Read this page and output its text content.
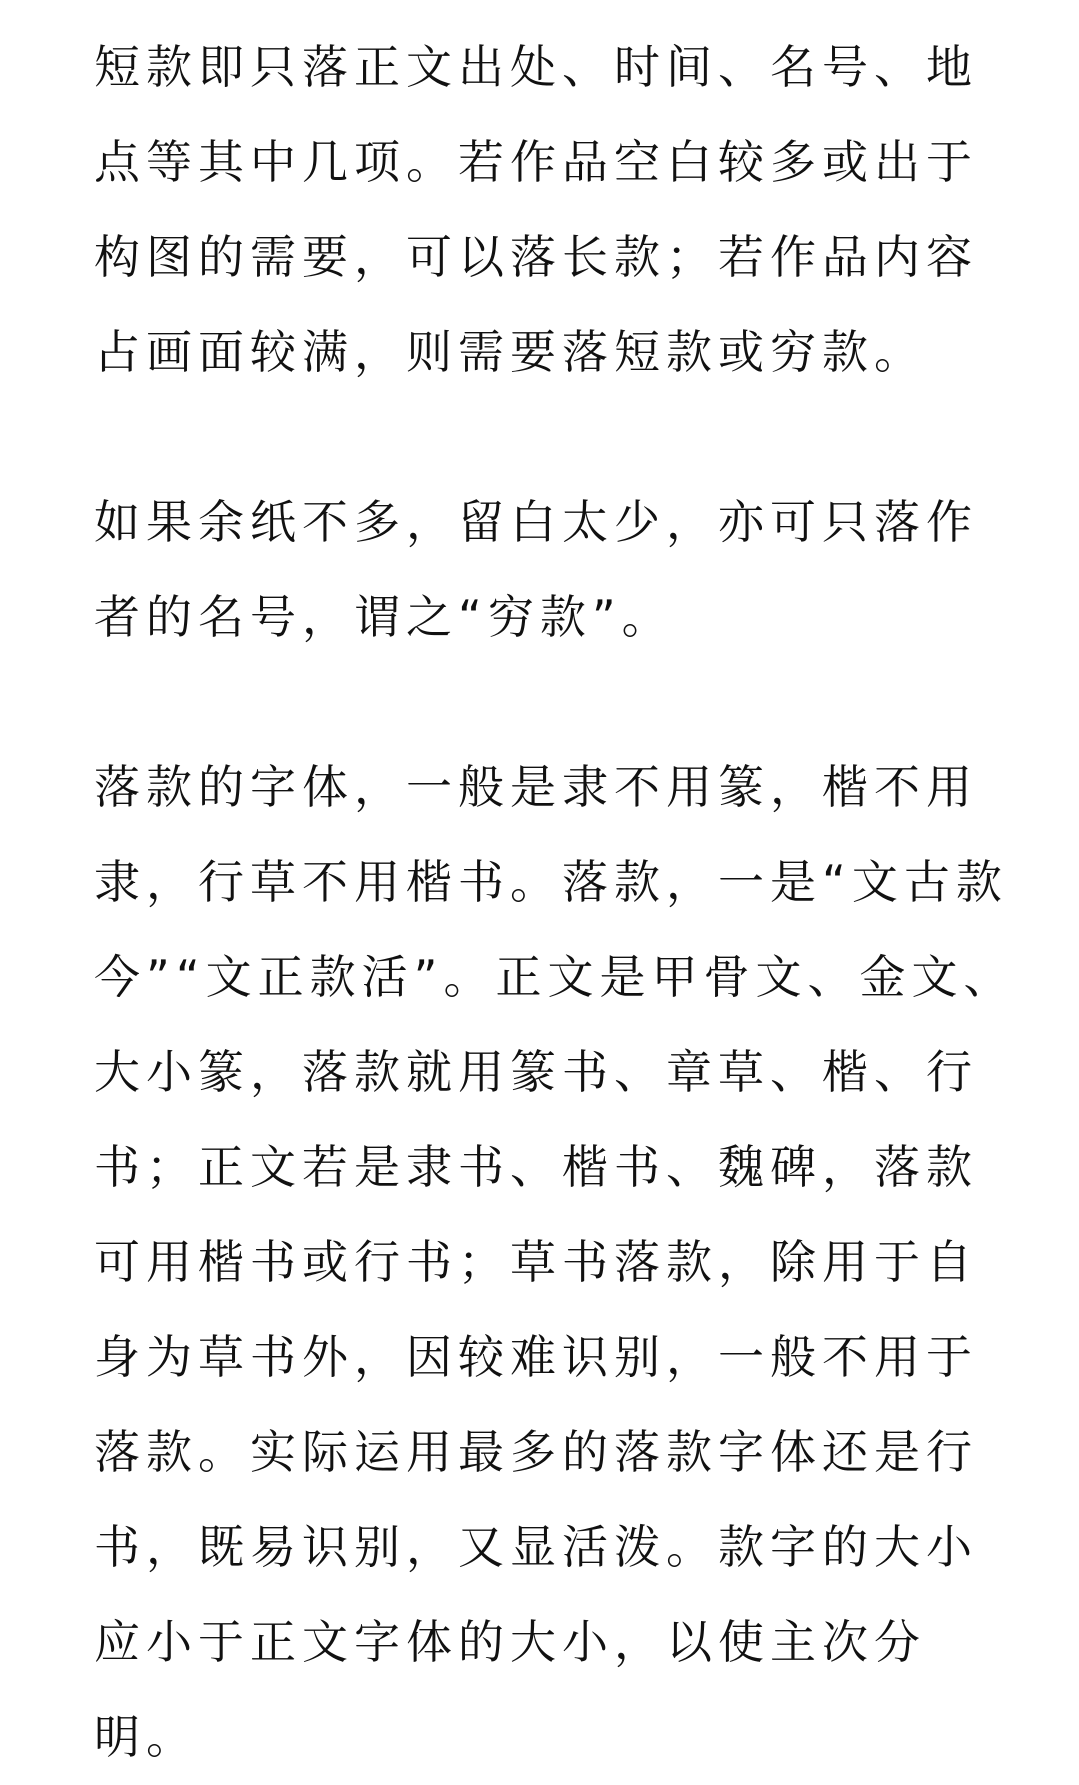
短款即只落正文出处、时间、名号、地
点等其中几项。若作品空白较多或出于
构图的需要，可以落长款；若作品内容
占画面较满，则需要落短款或穷款。
如果余纸不多，留白太少，亦可只落作
者的名号，谓之“穷款”。
落款的字体，一般是隶不用篆，楷不用
隶，行草不用楷书。落款，一是“文古款
今”“文正款活”。正文是甲骨文、金文、
大小篆，落款就用篆书、章草、楷、行
书；正文若是隶书、楷书、魏碑，落款
可用楷书或行书；草书落款，除用于自
身为草书外，因较难识别，一般不用于
落款。实际运用最多的落款字体还是行
书，既易识别，又显活泼。款字的大小
应小于正文字体的大小，以使主次分
明。
